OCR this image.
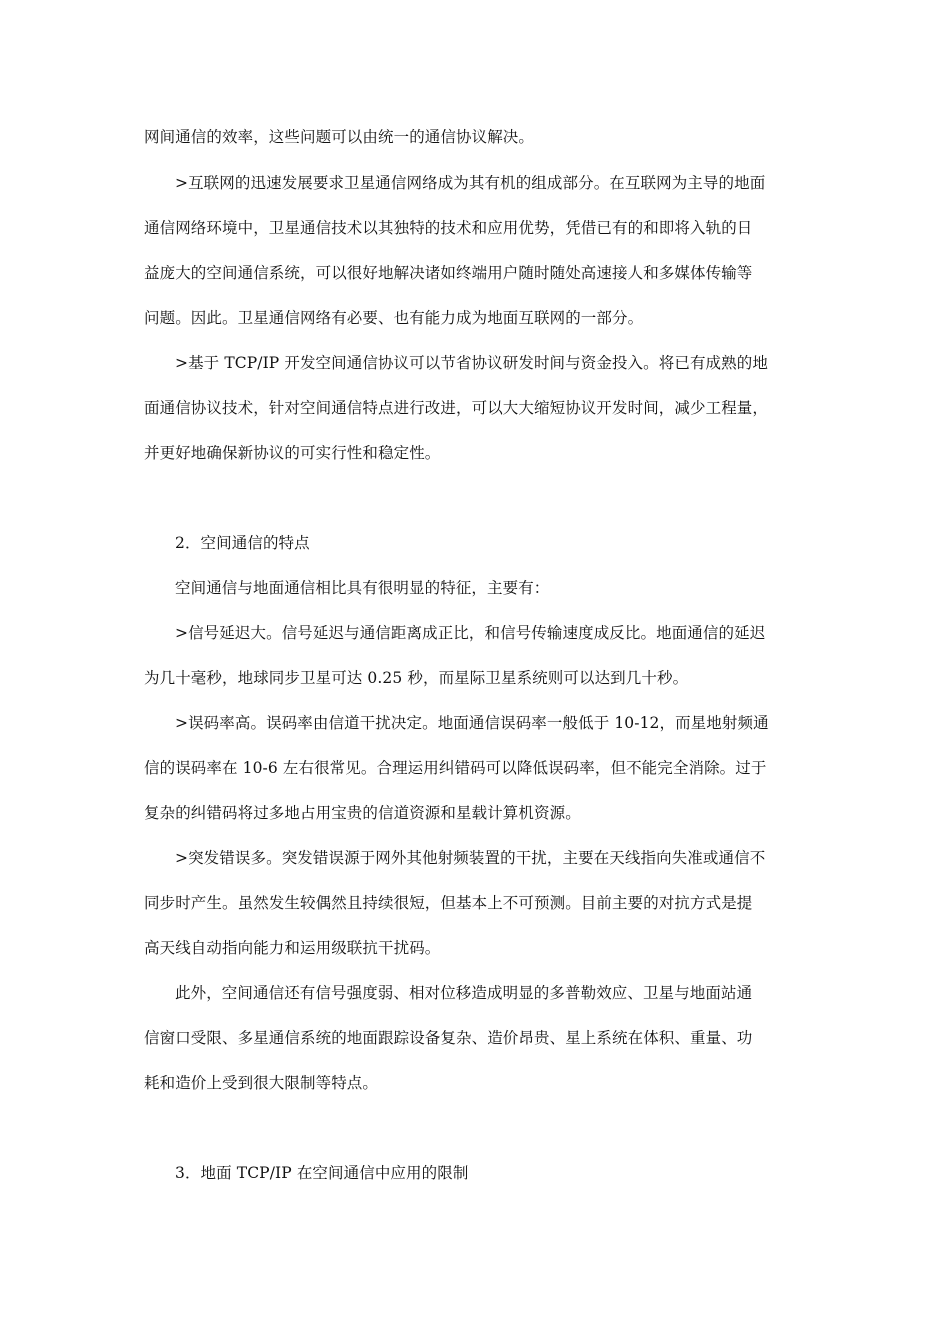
网间通信的效率，这些问题可以由统一的通信协议解决。
>互联网的迅速发展要求卫星通信网络成为其有机的组成部分。在互联网为主导的地面
通信网络环境中，卫星通信技术以其独特的技术和应用优势，凭借已有的和即将入轨的日
益庞大的空间通信系统，可以很好地解决诸如终端用户随时随处高速接人和多媒体传输等
问题。因此。卫星通信网络有必要、也有能力成为地面互联网的一部分。
>基于 TCP/IP 开发空间通信协议可以节省协议研发时间与资金投入。将已有成熟的地
面通信协议技术，针对空间通信特点进行改进，可以大大缩短协议开发时间，减少工程量，
并更好地确保新协议的可实行性和稳定性。
2．空间通信的特点
空间通信与地面通信相比具有很明显的特征，主要有：
>信号延迟大。信号延迟与通信距离成正比，和信号传输速度成反比。地面通信的延迟
为几十毫秒，地球同步卫星可达 0.25 秒，而星际卫星系统则可以达到几十秒。
>误码率高。误码率由信道干扰决定。地面通信误码率一般低于 10-12，而星地射频通
信的误码率在 10-6 左右很常见。合理运用纠错码可以降低误码率，但不能完全消除。过于
复杂的纠错码将过多地占用宝贵的信道资源和星载计算机资源。
>突发错误多。突发错误源于网外其他射频装置的干扰，主要在天线指向失准或通信不
同步时产生。虽然发生较偶然且持续很短，但基本上不可预测。目前主要的对抗方式是提
高天线自动指向能力和运用级联抗干扰码。
此外，空间通信还有信号强度弱、相对位移造成明显的多普勒效应、卫星与地面站通
信窗口受限、多星通信系统的地面跟踪设备复杂、造价昂贵、星上系统在体积、重量、功
耗和造价上受到很大限制等特点。
3．地面 TCP/IP 在空间通信中应用的限制
